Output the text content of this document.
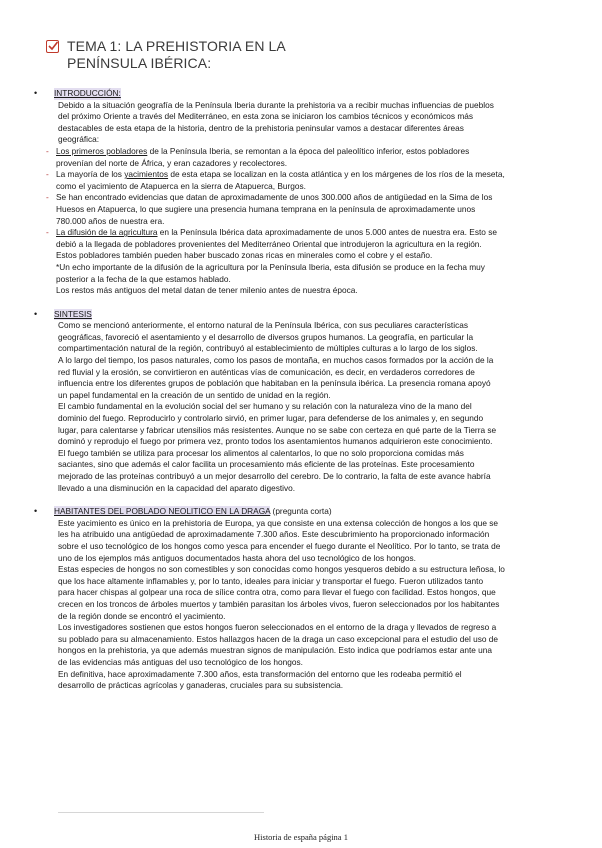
TEMA 1: LA PREHISTORIA EN LA
PENÍNSULA IBÉRICA:
•	INTRODUCCIÓN:
Debido a la situación geografía de la Península Iberia durante la prehistoria va a recibir muchas influencias de pueblos
del próximo Oriente a través del Mediterráneo, en esta zona se iniciaron los cambios técnicos y económicos más
destacables de esta etapa de la historia, dentro de la prehistoria peninsular vamos a destacar diferentes áreas
geográfica:
- Los primeros pobladores de la Península Iberia, se remontan a la época del paleolítico inferior, estos pobladores
provenían del norte de África, y eran cazadores y recolectores.
- La mayoría de los yacimientos de esta etapa se localizan en la costa atlántica y en los márgenes de los ríos de la meseta,
como el yacimiento de Atapuerca en la sierra de Atapuerca, Burgos.
- Se han encontrado evidencias que datan de aproximadamente de unos 300.000 años de antigüedad en la Sima de los
Huesos en Atapuerca, lo que sugiere una presencia humana temprana en la península de aproximadamente unos
780.000 años de nuestra era.
- La difusión de la agricultura en la Península Ibérica data aproximadamente de unos 5.000 antes de nuestra era. Esto se
debió a la llegada de pobladores provenientes del Mediterráneo Oriental que introdujeron la agricultura en la región.
Estos pobladores también pueden haber buscado zonas ricas en minerales como el cobre y el estaño.
*Un echo importante de la difusión de la agricultura por la Península Iberia, esta difusión se produce en la fecha muy
posterior a la fecha de la que estamos hablado.
Los restos más antiguos del metal datan de tener milenio antes de nuestra época.
•	SINTESIS
Como se mencionó anteriormente, el entorno natural de la Península Ibérica, con sus peculiares características
geográficas, favoreció el asentamiento y el desarrollo de diversos grupos humanos. La geografía, en particular la
compartimentación natural de la región, contribuyó al establecimiento de múltiples culturas a lo largo de los siglos.
A lo largo del tiempo, los pasos naturales, como los pasos de montaña, en muchos casos formados por la acción de la
red fluvial y la erosión, se convirtieron en auténticas vías de comunicación, es decir, en verdaderos corredores de
influencia entre los diferentes grupos de población que habitaban en la península ibérica. La presencia romana apoyó
un papel fundamental en la creación de un sentido de unidad en la región.
El cambio fundamental en la evolución social del ser humano y su relación con la naturaleza vino de la mano del
dominio del fuego. Reproducirlo y controlarlo sirvió, en primer lugar, para defenderse de los animales y, en segundo
lugar, para calentarse y fabricar utensilios más resistentes. Aunque no se sabe con certeza en qué parte de la Tierra se
dominó y reprodujo el fuego por primera vez, pronto todos los asentamientos humanos adquirieron este conocimiento.
El fuego también se utiliza para procesar los alimentos al calentarlos, lo que no solo proporciona comidas más
saciantes, sino que además el calor facilita un procesamiento más eficiente de las proteínas. Este procesamiento
mejorado de las proteínas contribuyó a un mejor desarrollo del cerebro. De lo contrario, la falta de este avance habría
llevado a una disminución en la capacidad del aparato digestivo.
•	HABITANTES DEL POBLADO NEOLITICO EN LA DRAGA (pregunta corta)
Este yacimiento es único en la prehistoria de Europa, ya que consiste en una extensa colección de hongos a los que se
les ha atribuido una antigüedad de aproximadamente 7.300 años. Este descubrimiento ha proporcionado información
sobre el uso tecnológico de los hongos como yesca para encender el fuego durante el Neolítico. Por lo tanto, se trata de
uno de los ejemplos más antiguos documentados hasta ahora del uso tecnológico de los hongos.
Estas especies de hongos no son comestibles y son conocidas como hongos yesqueros debido a su estructura leñosa, lo
que los hace altamente inflamables y, por lo tanto, ideales para iniciar y transportar el fuego. Fueron utilizados tanto
para hacer chispas al golpear una roca de sílice contra otra, como para llevar el fuego con facilidad. Estos hongos, que
crecen en los troncos de árboles muertos y también parasitan los árboles vivos, fueron seleccionados por los habitantes
de la región donde se encontró el yacimiento.
Los investigadores sostienen que estos hongos fueron seleccionados en el entorno de la draga y llevados de regreso a
su poblado para su almacenamiento. Estos hallazgos hacen de la draga un caso excepcional para el estudio del uso de
hongos en la prehistoria, ya que además muestran signos de manipulación. Esto indica que podríamos estar ante una
de las evidencias más antiguas del uso tecnológico de los hongos.
En definitiva, hace aproximadamente 7.300 años, esta transformación del entorno que les rodeaba permitió el
desarrollo de prácticas agrícolas y ganaderas, cruciales para su subsistencia.
Historia de españa página 1
